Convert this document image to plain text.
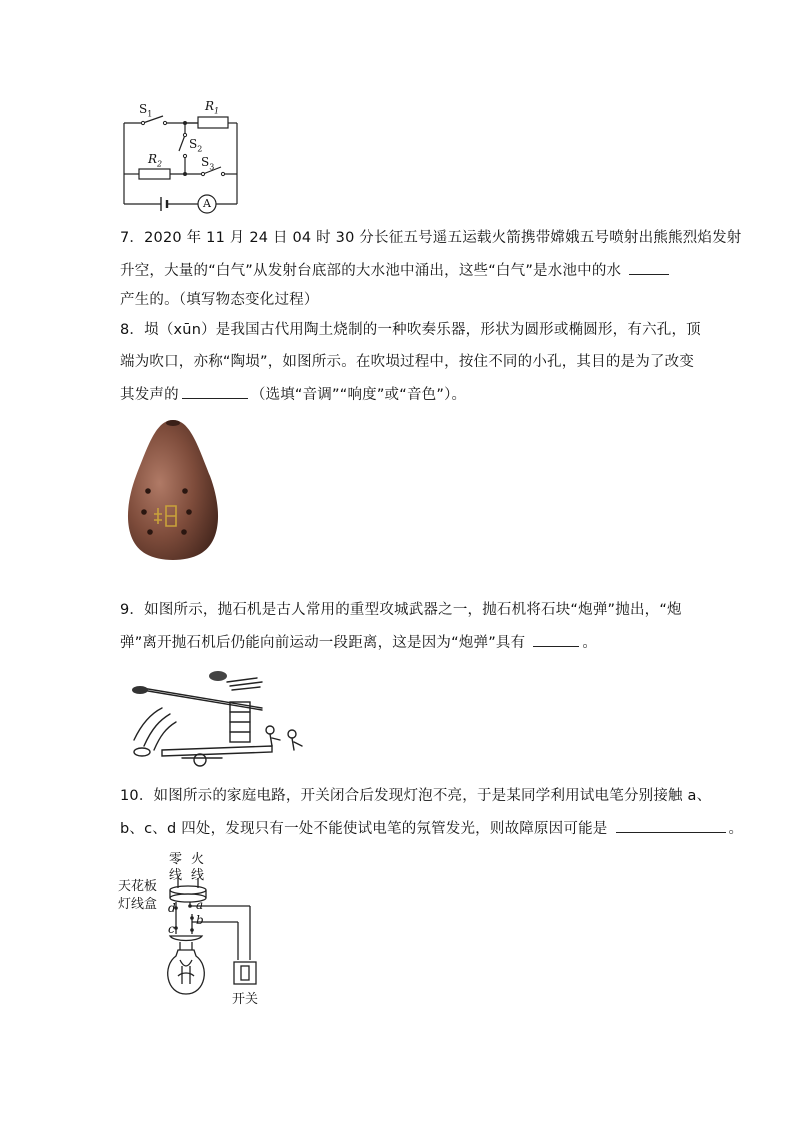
$S_1$
$R_1$
$S_2$
$R_2$	$S_3$
A
7．2020 年 11 月 24 日 04 时 30 分长征五号遥五运载火箭携带嫦娥五号喷射出熊熊烈焰发射
升空，大量的“白气”从发射台底部的大水池中涌出，这些“白气”是水池中的水
产生的。（填写物态变化过程）
8．埙（xūn）是我国古代用陶土烧制的一种吹奏乐器，形状为圆形或椭圆形，有六孔，顶
端为吹口，亦称“陶埙”，如图所示。在吹埙过程中，按住不同的小孔，其目的是为了改变
其发声的	（选填“音调”“响度”或“音色”）。
9．如图所示，抛石机是古人常用的重型攻城武器之一，抛石机将石块“炮弹”抛出，“炮
弹”离开抛石机后仍能向前运动一段距离，这是因为“炮弹”具有	。
10．如图所示的家庭电路，开关闭合后发现灯泡不亮，于是某同学利用试电笔分别接触 a、
b、c、d 四处，发现只有一处不能使试电笔的氖管发光，则故障原因可能是	。
零
线
火
线
天花板
灯线盒	a
b
c
d
开关
